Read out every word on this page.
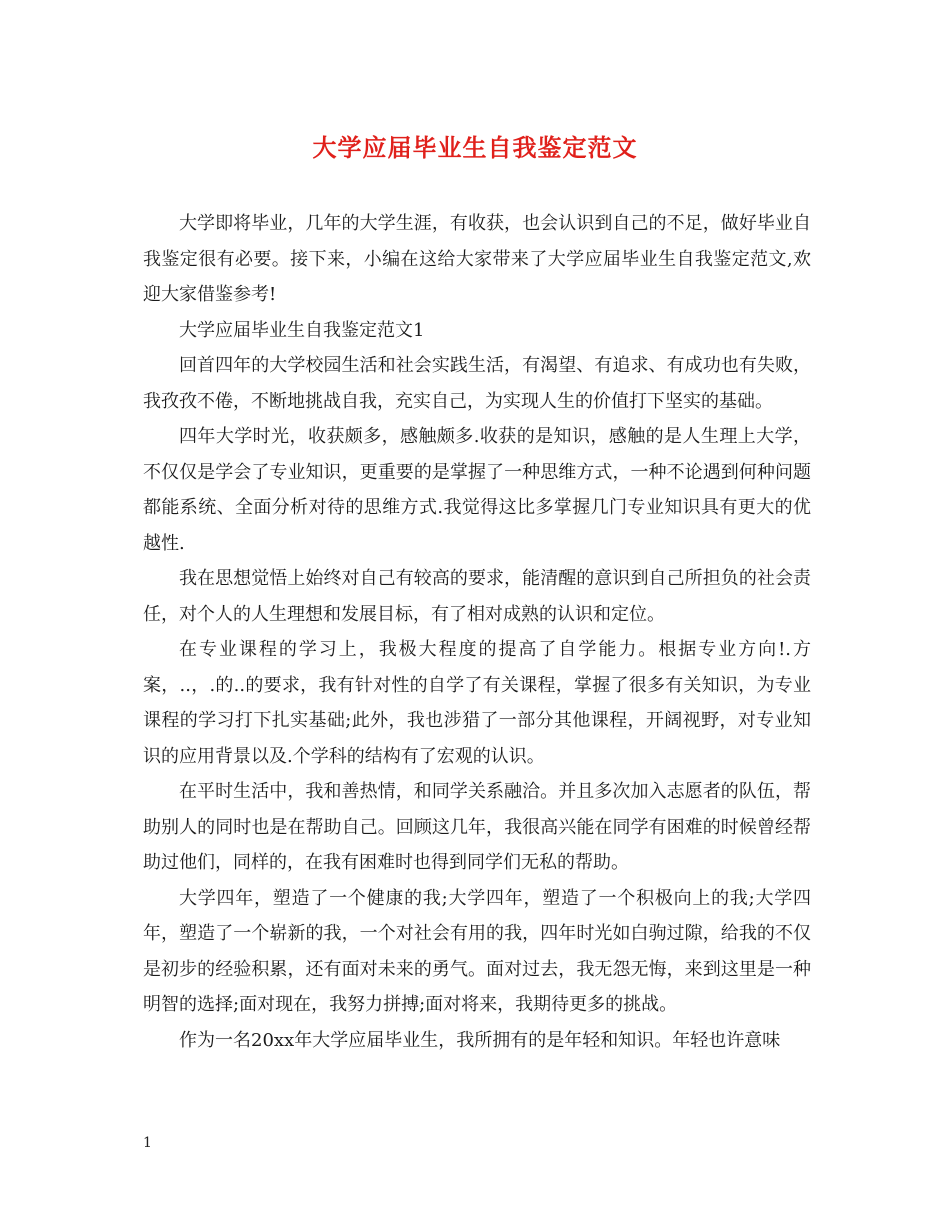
大学应届毕业生自我鉴定范文

大学即将毕业，几年的大学生涯，有收获，也会认识到自己的不足，做好毕业自我鉴定很有必要。接下来，小编在这给大家带来了大学应届毕业生自我鉴定范文,欢迎大家借鉴参考!

大学应届毕业生自我鉴定范文1

回首四年的大学校园生活和社会实践生活，有渴望、有追求、有成功也有失败，我孜孜不倦，不断地挑战自我，充实自己，为实现人生的价值打下坚实的基础。

四年大学时光，收获颇多，感触颇多.收获的是知识，感触的是人生理上大学，不仅仅是学会了专业知识，更重要的是掌握了一种思维方式，一种不论遇到何种问题都能系统、全面分析对待的思维方式.我觉得这比多掌握几门专业知识具有更大的优越性.

我在思想觉悟上始终对自己有较高的要求，能清醒的意识到自己所担负的社会责任，对个人的人生理想和发展目标，有了相对成熟的认识和定位。

在专业课程的学习上，我极大程度的提高了自学能力。根据专业方向!.方案，..，.的..的要求，我有针对性的自学了有关课程，掌握了很多有关知识，为专业课程的学习打下扎实基础;此外，我也涉猎了一部分其他课程，开阔视野，对专业知识的应用背景以及.个学科的结构有了宏观的认识。

在平时生活中，我和善热情，和同学关系融洽。并且多次加入志愿者的队伍，帮助别人的同时也是在帮助自己。回顾这几年，我很高兴能在同学有困难的时候曾经帮助过他们，同样的，在我有困难时也得到同学们无私的帮助。

大学四年，塑造了一个健康的我;大学四年，塑造了一个积极向上的我;大学四年，塑造了一个崭新的我，一个对社会有用的我，四年时光如白驹过隙，给我的不仅是初步的经验积累，还有面对未来的勇气。面对过去，我无怨无悔，来到这里是一种明智的选择;面对现在，我努力拼搏;面对将来，我期待更多的挑战。

作为一名20xx年大学应届毕业生，我所拥有的是年轻和知识。年轻也许意味

1
